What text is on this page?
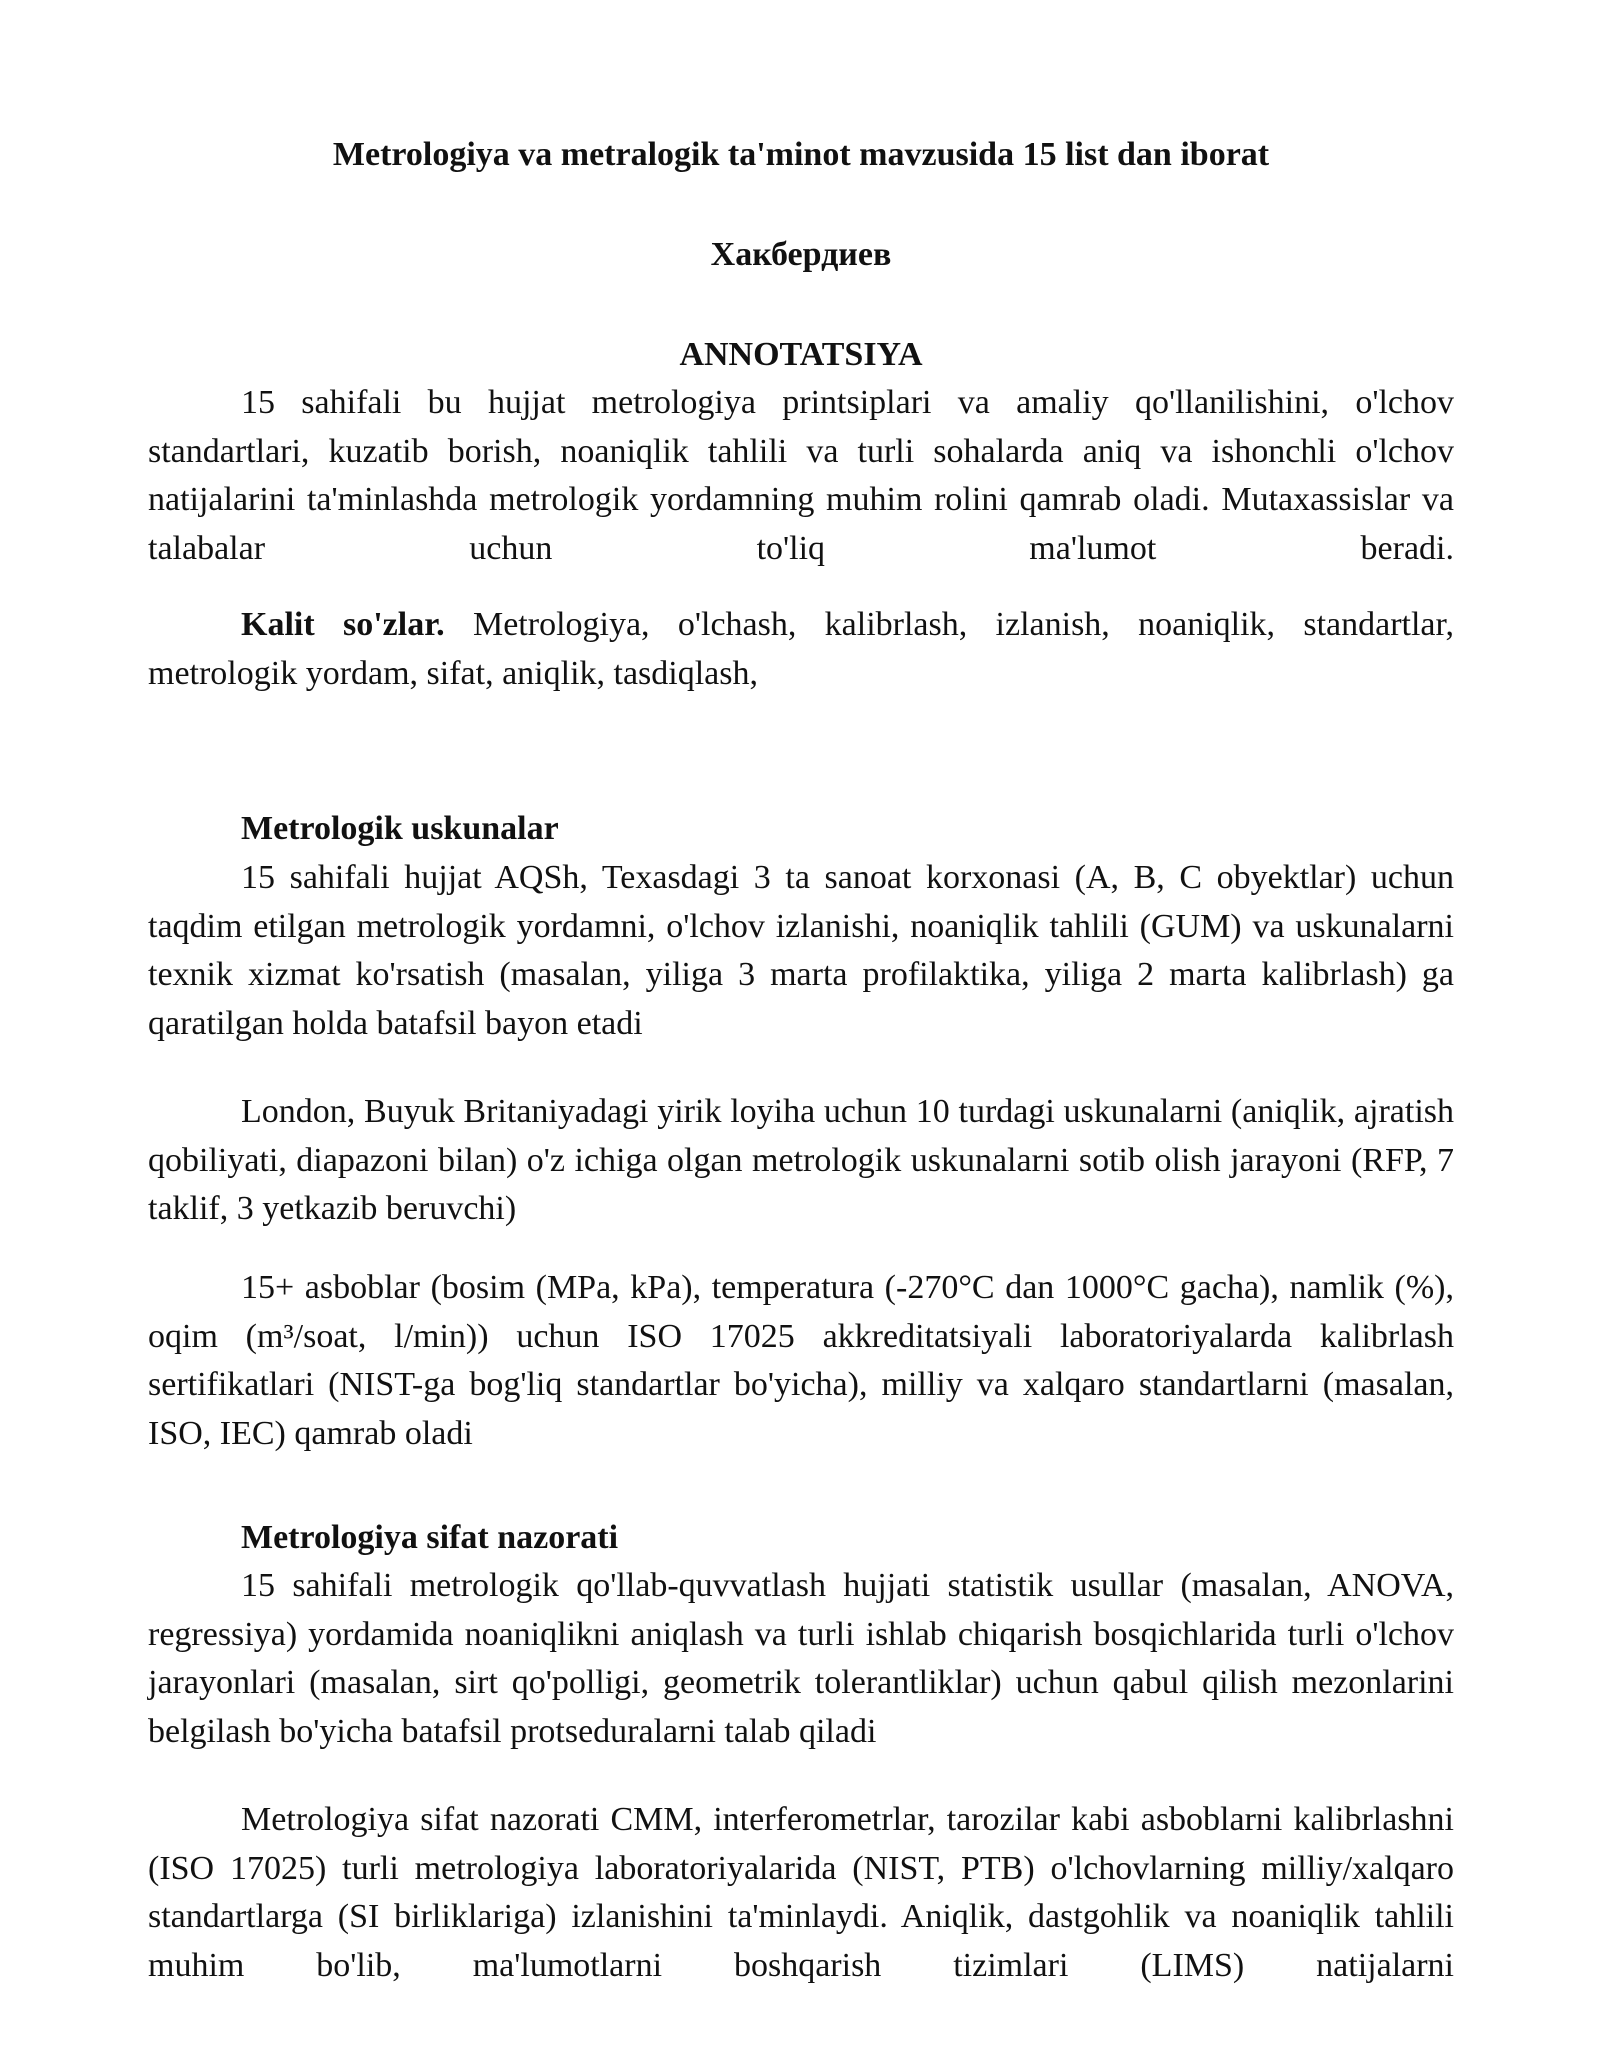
Metrologiya va metralogik ta'minot mavzusida 15 list dan iborat

Хакбердиев

ANNOTATSIYA

15 sahifali bu hujjat metrologiya printsiplari va amaliy qo'llanilishini, o'lchov standartlari, kuzatib borish, noaniqlik tahlili va turli sohalarda aniq va ishonchli o'lchov natijalarini ta'minlashda metrologik yordamning muhim rolini qamrab oladi. Mutaxassislar va talabalar uchun to'liq ma'lumot beradi.

Kalit so'zlar. Metrologiya, o'lchash, kalibrlash, izlanish, noaniqlik, standartlar, metrologik yordam, sifat, aniqlik, tasdiqlash,

Metrologik uskunalar

15 sahifali hujjat AQSh, Texasdagi 3 ta sanoat korxonasi (A, B, C obyektlar) uchun taqdim etilgan metrologik yordamni, o'lchov izlanishi, noaniqlik tahlili (GUM) va uskunalarni texnik xizmat ko'rsatish (masalan, yiliga 3 marta profilaktika, yiliga 2 marta kalibrlash) ga qaratilgan holda batafsil bayon etadi

London, Buyuk Britaniyadagi yirik loyiha uchun 10 turdagi uskunalarni (aniqlik, ajratish qobiliyati, diapazoni bilan) o'z ichiga olgan metrologik uskunalarni sotib olish jarayoni (RFP, 7 taklif, 3 yetkazib beruvchi)

15+ asboblar (bosim (MPa, kPa), temperatura (-270°C dan 1000°C gacha), namlik (%), oqim (m³/soat, l/min)) uchun ISO 17025 akkreditatsiyali laboratoriyalarda kalibrlash sertifikatlari (NIST-ga bog'liq standartlar bo'yicha), milliy va xalqaro standartlarni (masalan, ISO, IEC) qamrab oladi

Metrologiya sifat nazorati

15 sahifali metrologik qo'llab-quvvatlash hujjati statistik usullar (masalan, ANOVA, regressiya) yordamida noaniqlikni aniqlash va turli ishlab chiqarish bosqichlarida turli o'lchov jarayonlari (masalan, sirt qo'polligi, geometrik tolerantliklar) uchun qabul qilish mezonlarini belgilash bo'yicha batafsil protseduralarni talab qiladi

Metrologiya sifat nazorati CMM, interferometrlar, tarozilar kabi asboblarni kalibrlashni (ISO 17025) turli metrologiya laboratoriyalarida (NIST, PTB) o'lchovlarning milliy/xalqaro standartlarga (SI birliklariga) izlanishini ta'minlaydi. Aniqlik, dastgohlik va noaniqlik tahlili muhim bo'lib, ma'lumotlarni boshqarish tizimlari (LIMS) natijalarni
